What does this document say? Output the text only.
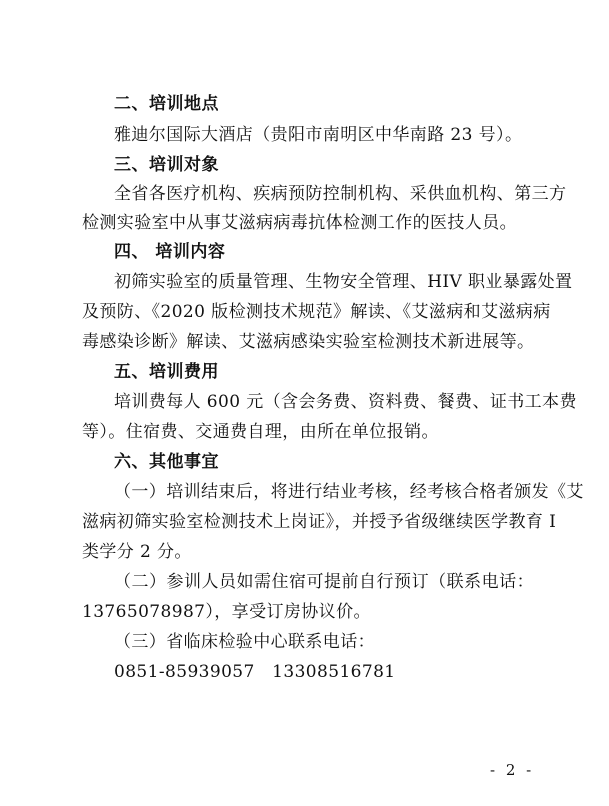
二、培训地点
雅迪尔国际大酒店（贵阳市南明区中华南路 23 号）。
三、培训对象
全省各医疗机构、疾病预防控制机构、采供血机构、第三方
检测实验室中从事艾滋病病毒抗体检测工作的医技人员。
四、 培训内容
初筛实验室的质量管理、生物安全管理、HIV 职业暴露处置
及预防、《2020 版检测技术规范》解读、《艾滋病和艾滋病病
毒感染诊断》解读、艾滋病感染实验室检测技术新进展等。
五、培训费用
培训费每人 600 元（含会务费、资料费、餐费、证书工本费
等）。住宿费、交通费自理，由所在单位报销。
六、其他事宜
（一）培训结束后，将进行结业考核，经考核合格者颁发《艾
滋病初筛实验室检测技术上岗证》，并授予省级继续医学教育 I
类学分 2 分。
（二）参训人员如需住宿可提前自行预订（联系电话：
13765078987），享受订房协议价。
（三）省临床检验中心联系电话：
0851-85939057   13308516781
- 2 -
